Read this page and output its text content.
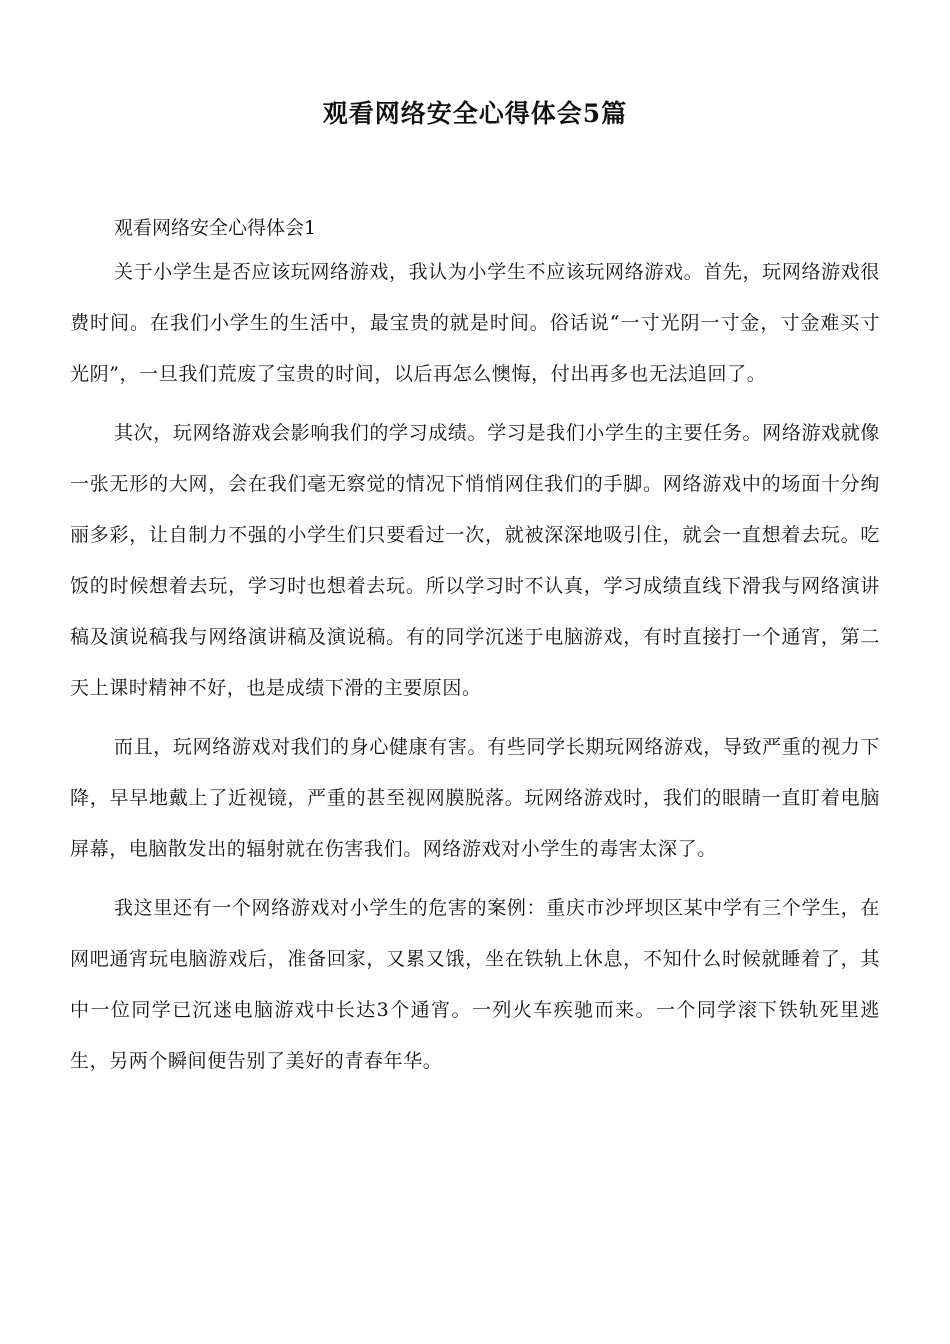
观看网络安全心得体会5篇
观看网络安全心得体会1

关于小学生是否应该玩网络游戏，我认为小学生不应该玩网络游戏。首先，玩网络游戏很费时间。在我们小学生的生活中，最宝贵的就是时间。俗话说“一寸光阴一寸金，寸金难买寸光阴”，一旦我们荒废了宝贵的时间，以后再怎么懊悔，付出再多也无法追回了。

其次，玩网络游戏会影响我们的学习成绩。学习是我们小学生的主要任务。网络游戏就像一张无形的大网，会在我们毫无察觉的情况下悄悄网住我们的手脚。网络游戏中的场面十分绚丽多彩，让自制力不强的小学生们只要看过一次，就被深深地吸引住，就会一直想着去玩。吃饭的时候想着去玩，学习时也想着去玩。所以学习时不认真，学习成绩直线下滑我与网络演讲稿及演说稿我与网络演讲稿及演说稿。有的同学沉迷于电脑游戏，有时直接打一个通宵，第二天上课时精神不好，也是成绩下滑的主要原因。

而且，玩网络游戏对我们的身心健康有害。有些同学长期玩网络游戏，导致严重的视力下降，早早地戴上了近视镜，严重的甚至视网膜脱落。玩网络游戏时，我们的眼睛一直盯着电脑屏幕，电脑散发出的辐射就在伤害我们。网络游戏对小学生的毒害太深了。

我这里还有一个网络游戏对小学生的危害的案例：重庆市沙坪坝区某中学有三个学生，在网吧通宵玩电脑游戏后，准备回家，又累又饿，坐在铁轨上休息，不知什么时候就睡着了，其中一位同学已沉迷电脑游戏中长达3个通宵。一列火车疾驰而来。一个同学滚下铁轨死里逃生，另两个瞬间便告别了美好的青春年华。
